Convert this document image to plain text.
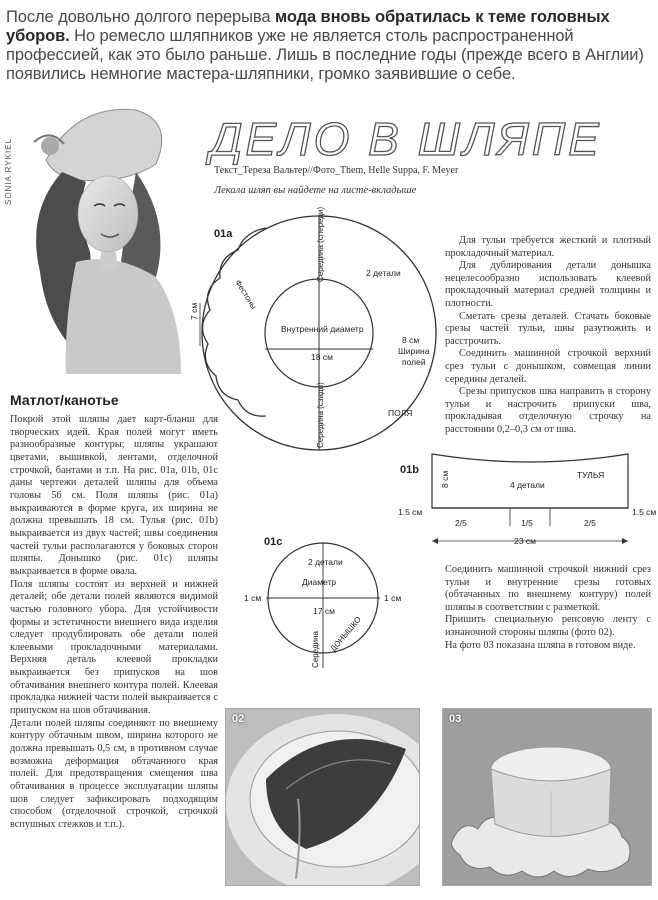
После довольно долгого перерыва мода вновь обратилась к теме головных уборов. Но ремесло шляпников уже не является столь распространенной профессией, как это было раньше. Лишь в последние годы (прежде всего в Англии) появились немногие мастера-шляпники, громко заявившие о себе.
SONIA RYKIEL	ДЕЛО В ШЛЯПЕ
Текст_Тереза Вальтер//Фото_Them, Helle Suppa, F. Meyer
Лекала шляп вы найдете на листе-вкладыше
01a
Внутренний диаметр
18 см
2 детали
8 см
Ширина
полей
ПОЛЯ
Середина (спереди)
Середина (сзади)
Фестоны
7 см
01b
8 см	4 детали
ТУЛЬЯ
1.5 см	1.5 см
2/5	1/5	2/5
23 см
01c
2 детали
Диаметр
17 см
1 см	1 см
Середина ДОНЫШКО

Для тульи требуется жесткий и плотный прокладочный материал.

Для дублирования детали донышка нецелесообразно использовать клеевой прокладочный материал средней толщины и плотности.

Сметать срезы деталей. Стачать боковые срезы частей тульи, швы разутюжить и расстрочить.

Соединить машинной строчкой верхний срез тульи с донышком, совмещая линии середины деталей.

Срезы припусков шва направить в сторону тульи и настрочить припуски шва, прокладывая отделочную строчку на расстоянии 0,2–0,3 см от шва.

Соединить машинной строчкой нижний срез тульи и внутренние срезы готовых (обтачанных по внешнему контуру) полей шляпы в соответствии с разметкой.

Пришить специальную репсовую ленту с изнаночной стороны шляпы (фото 02).

На фото 03 показана шляпа в готовом виде.

Матлот/канотье

Покрой этой шляпы дает карт-бланш для творческих идей. Края полей могут иметь разнообразные контуры; шляпы украшают цветами, вышивкой, лентами, отделочной строчкой, бантами и т.п. На рис. 01a, 01b, 01c даны чертежи деталей шляпы для объема головы 56 см. Поля шляпы (рис. 01a) выкраиваются в форме круга, их ширина не должна превышать 18 см. Тулья (рис. 01b) выкраивается из двух частей; швы соединения частей тульи располагаются у боковых сторон шляпы. Донышко (рис. 01c) шляпы выкраивается в форме овала.

Поля шляпы состоят из верхней и нижней деталей; обе детали полей являются видимой частью головного убора. Для устойчивости формы и эстетичности внешнего вида изделия следует продублировать обе детали полей клеевыми прокладочными материалами. Верхняя деталь клеевой прокладки выкраивается без припусков на шов обтачивания внешнего контура полей. Клеевая прокладка нижней части полей выкраивается с припуском на шов обтачивания.

Детали полей шляпы соединяют по внешнему контуру обтачным швом, ширина которого не должна превышать 0,5 см, в противном случае возможна деформация обтачанного края полей. Для предотвращения смещения шва обтачивания в процессе эксплуатации шляпы шов следует зафиксировать подходящим способом (отделочной строчкой, строчкой вспушных стежков и т.п.).

02	03
